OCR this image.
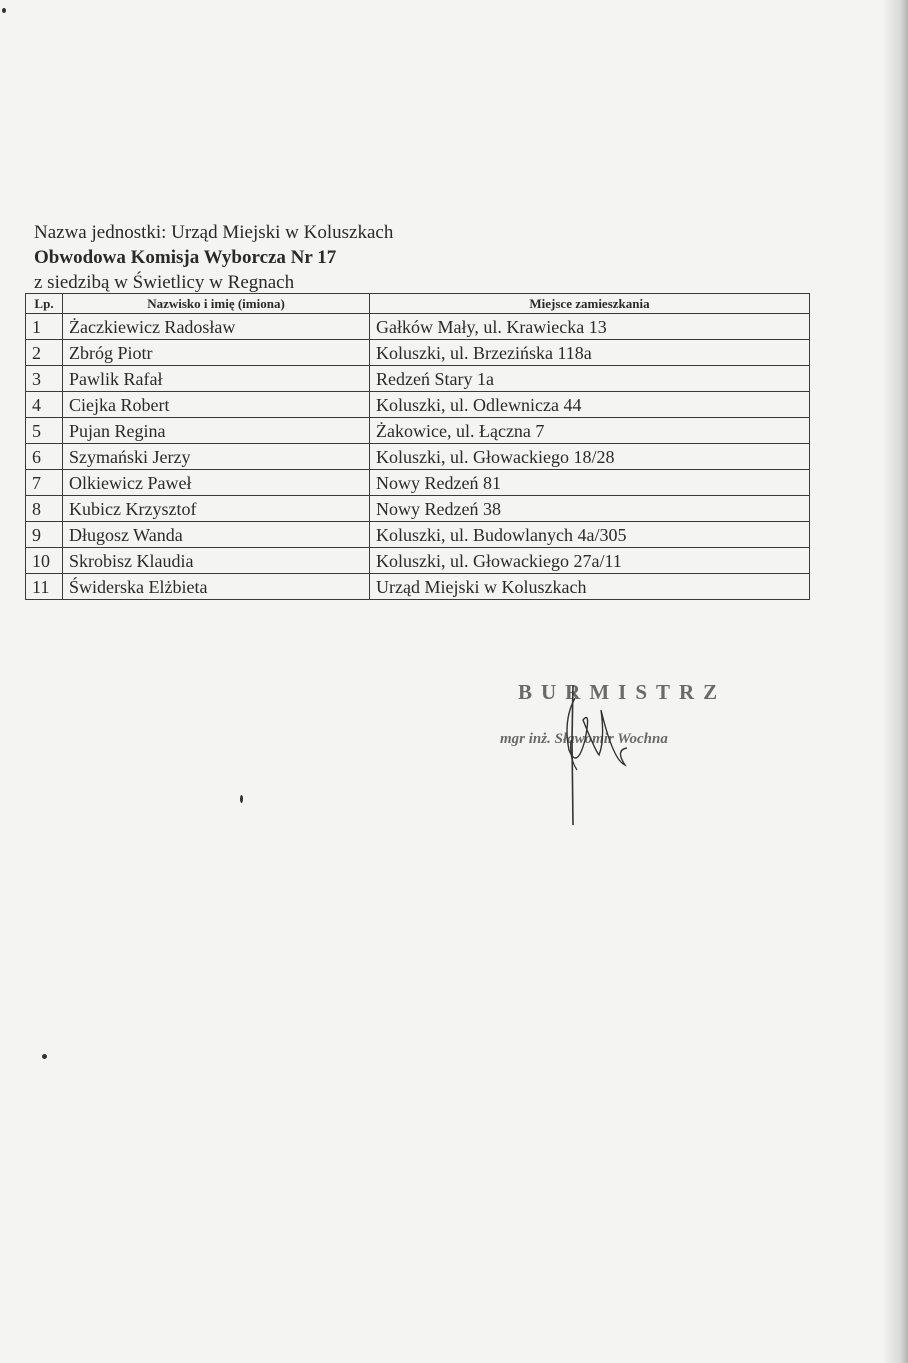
Nazwa jednostki: Urząd Miejski w Koluszkach
Obwodowa Komisja Wyborcza Nr 17
z siedzibą w Świetlicy w Regnach
Lp.	Nazwisko i imię (imiona)	Miejsce zamieszkania
1	Żaczkiewicz Radosław	Gałków Mały, ul. Krawiecka 13
2	Zbróg Piotr	Koluszki, ul. Brzezińska 118a
3	Pawlik Rafał	Redzeń Stary 1a
4	Ciejka Robert	Koluszki, ul. Odlewnicza 44
5	Pujan Regina	Żakowice, ul. Łączna 7
6	Szymański Jerzy	Koluszki, ul. Głowackiego 18/28
7	Olkiewicz Paweł	Nowy Redzeń 81
8	Kubicz Krzysztof	Nowy Redzeń 38
9	Długosz Wanda	Koluszki, ul. Budowlanych 4a/305
10	Skrobisz Klaudia	Koluszki, ul. Głowackiego 27a/11
11	Świderska Elżbieta	Urząd Miejski w Koluszkach
BURMISTRZ
mgr inż. Sławomir Wochna
